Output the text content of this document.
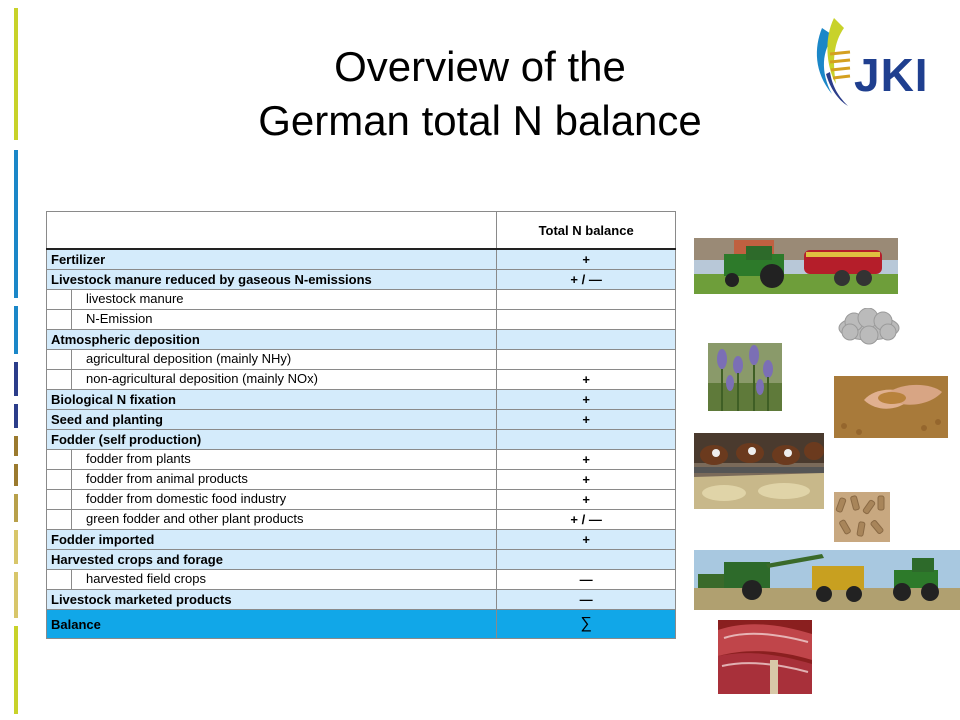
Overview of the
German total N balance
JKI
	Total N balance
Fertilizer	+
Livestock manure reduced by gaseous N-emissions	+ / —
livestock manure	
N-Emission	
Atmospheric deposition	
agricultural deposition (mainly NHy)	
non-agricultural deposition (mainly NOx)	+
Biological N fixation	+
Seed and planting	+
Fodder (self production)	
fodder from plants	+
fodder from animal products	+
fodder from domestic food industry	+
green fodder and other plant products	+ / —
Fodder imported	+
Harvested crops and forage	
harvested field crops	—
Livestock marketed products	—
Balance	∑
